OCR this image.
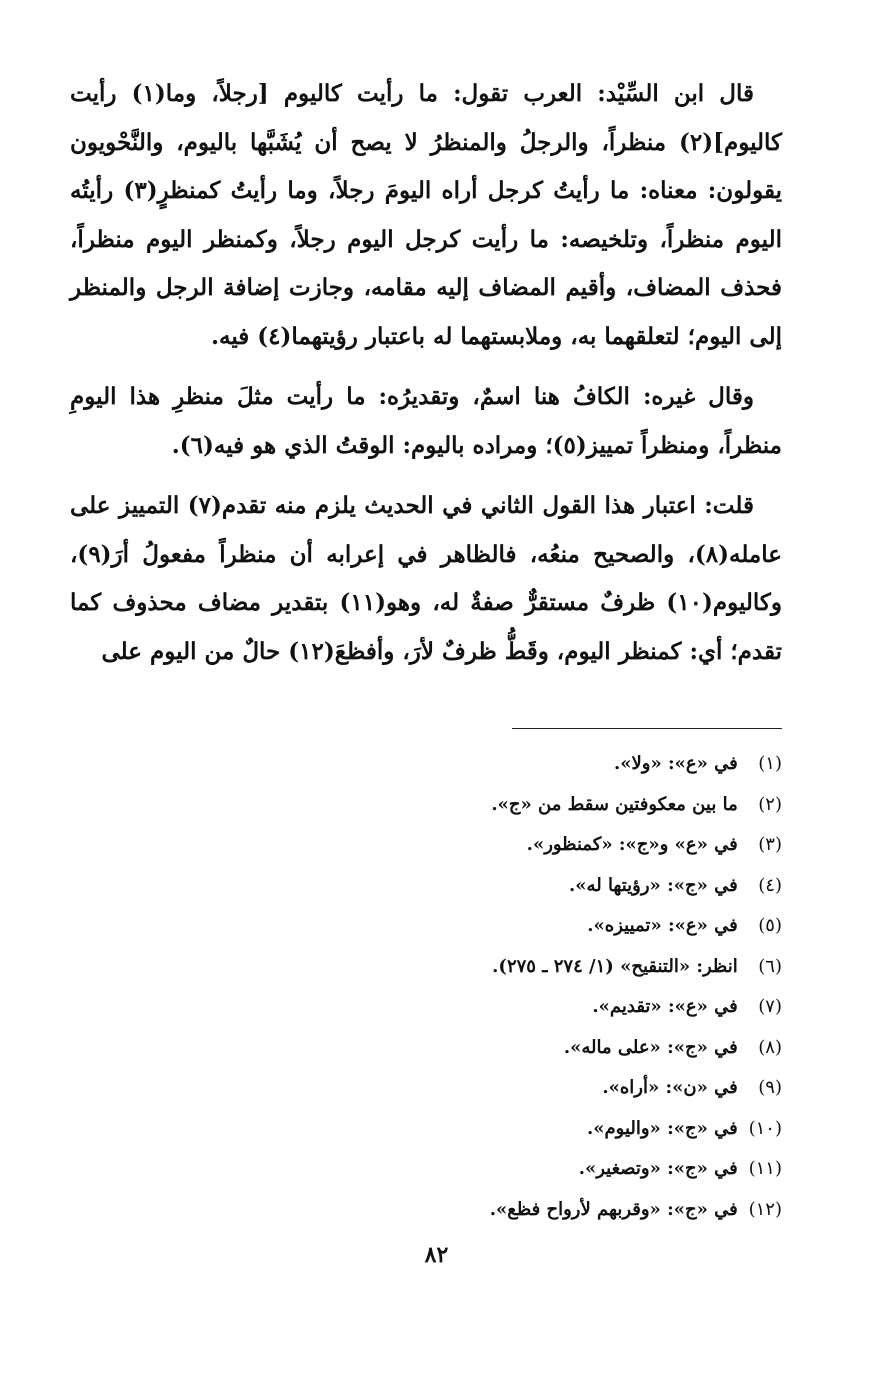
قال ابن السِّيْد: العرب تقول: ما رأيت كاليوم [رجلاً، وما(١) رأيت كاليوم](٢) منظراً، والرجلُ والمنظرُ لا يصح أن يُشَبَّها باليوم، والنَّحْويون يقولون: معناه: ما رأيتُ كرجل أراه اليومَ رجلاً، وما رأيتُ كمنظرٍ(٣) رأيتُه اليوم منظراً، وتلخيصه: ما رأيت كرجل اليوم رجلاً، وكمنظر اليوم منظراً، فحذف المضاف، وأقيم المضاف إليه مقامه، وجازت إضافة الرجل والمنظر إلى اليوم؛ لتعلقهما به، وملابستهما له باعتبار رؤيتهما(٤) فيه.

وقال غيره: الكافُ هنا اسمٌ، وتقديرُه: ما رأيت مثلَ منظرِ هذا اليومِ منظراً، ومنظراً تمييز(٥)؛ ومراده باليوم: الوقتُ الذي هو فيه(٦).

قلت: اعتبار هذا القول الثاني في الحديث يلزم منه تقدم(٧) التمييز على عامله(٨)، والصحيح منعُه، فالظاهر في إعرابه أن منظراً مفعولُ أرَ(٩)، وكاليوم(١٠) ظرفٌ مستقرٌّ صفةٌ له، وهو(١١) بتقدير مضاف محذوف كما تقدم؛ أي: كمنظر اليوم، وقَطُّ ظرفٌ لأرَ، وأفظعَ(١٢) حالٌ من اليوم على

(١) في «ع»: «ولا».
(٢) ما بين معكوفتين سقط من «ج».
(٣) في «ع» و«ج»: «كمنظور».
(٤) في «ج»: «رؤيتها له».
(٥) في «ع»: «تمييزه».
(٦) انظر: «التنقيح» (١/ ٢٧٤ ـ ٢٧٥).
(٧) في «ع»: «تقديم».
(٨) في «ج»: «على ماله».
(٩) في «ن»: «أراه».
(١٠) في «ج»: «واليوم».
(١١) في «ج»: «وتصغير».
(١٢) في «ج»: «وقربهم لأرواح فظع».
٨٢
